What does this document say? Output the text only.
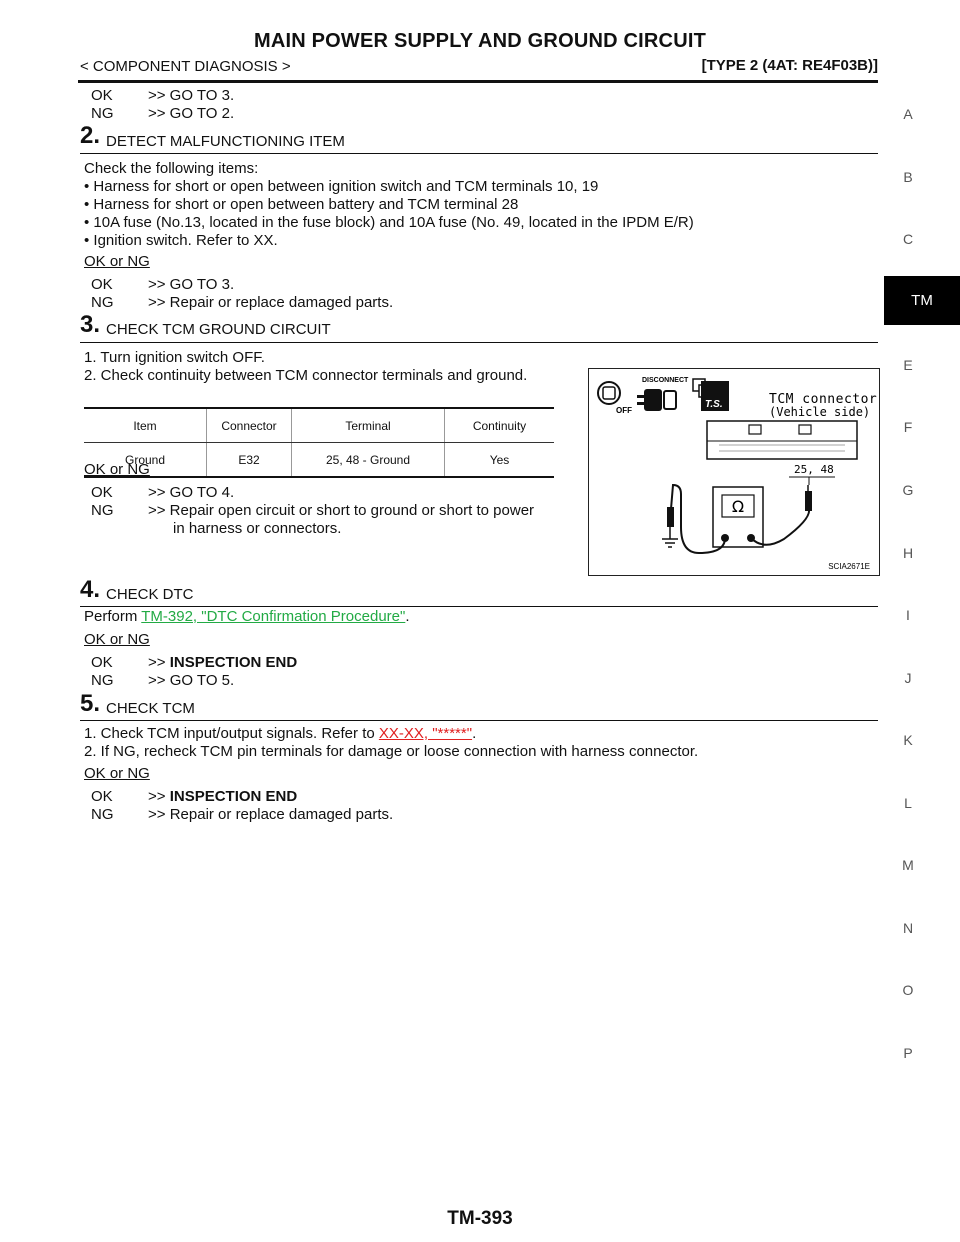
MAIN POWER SUPPLY AND GROUND CIRCUIT
< COMPONENT DIAGNOSIS >	[TYPE 2 (4AT: RE4F03B)]
A
B
C
TM
E
F
G
H
I
J
K
L
M
N
O
P
OK >> GO TO 3.
NG >> GO TO 2.
2. DETECT MALFUNCTIONING ITEM
Check the following items:
• Harness for short or open between ignition switch and TCM terminals 10, 19
• Harness for short or open between battery and TCM terminal 28
• 10A fuse (No.13, located in the fuse block) and 10A fuse (No. 49, located in the IPDM E/R)
• Ignition switch. Refer to XX.
OK or NG
OK >> GO TO 3.
NG >> Repair or replace damaged parts.
3. CHECK TCM GROUND CIRCUIT
1. Turn ignition switch OFF.
2. Check continuity between TCM connector terminals and ground.
Item	Connector	Terminal	Continuity
Ground	E32	25, 48 - Ground	Yes
OK or NG
OK >> GO TO 4.
NG >> Repair open circuit or short to ground or short to power
in harness or connectors.
OFF
DISCONNECT
T.S.	TCM connector
(Vehicle side)
25, 48
Ω
SCIA2671E
4. CHECK DTC
Perform TM-392, "DTC Confirmation Procedure".
OK or NG
OK >> INSPECTION END
NG >> GO TO 5.
5. CHECK TCM
1. Check TCM input/output signals. Refer to XX-XX, "*****".
2. If NG, recheck TCM pin terminals for damage or loose connection with harness connector.
OK or NG
OK >> INSPECTION END
NG >> Repair or replace damaged parts.
TM-393
